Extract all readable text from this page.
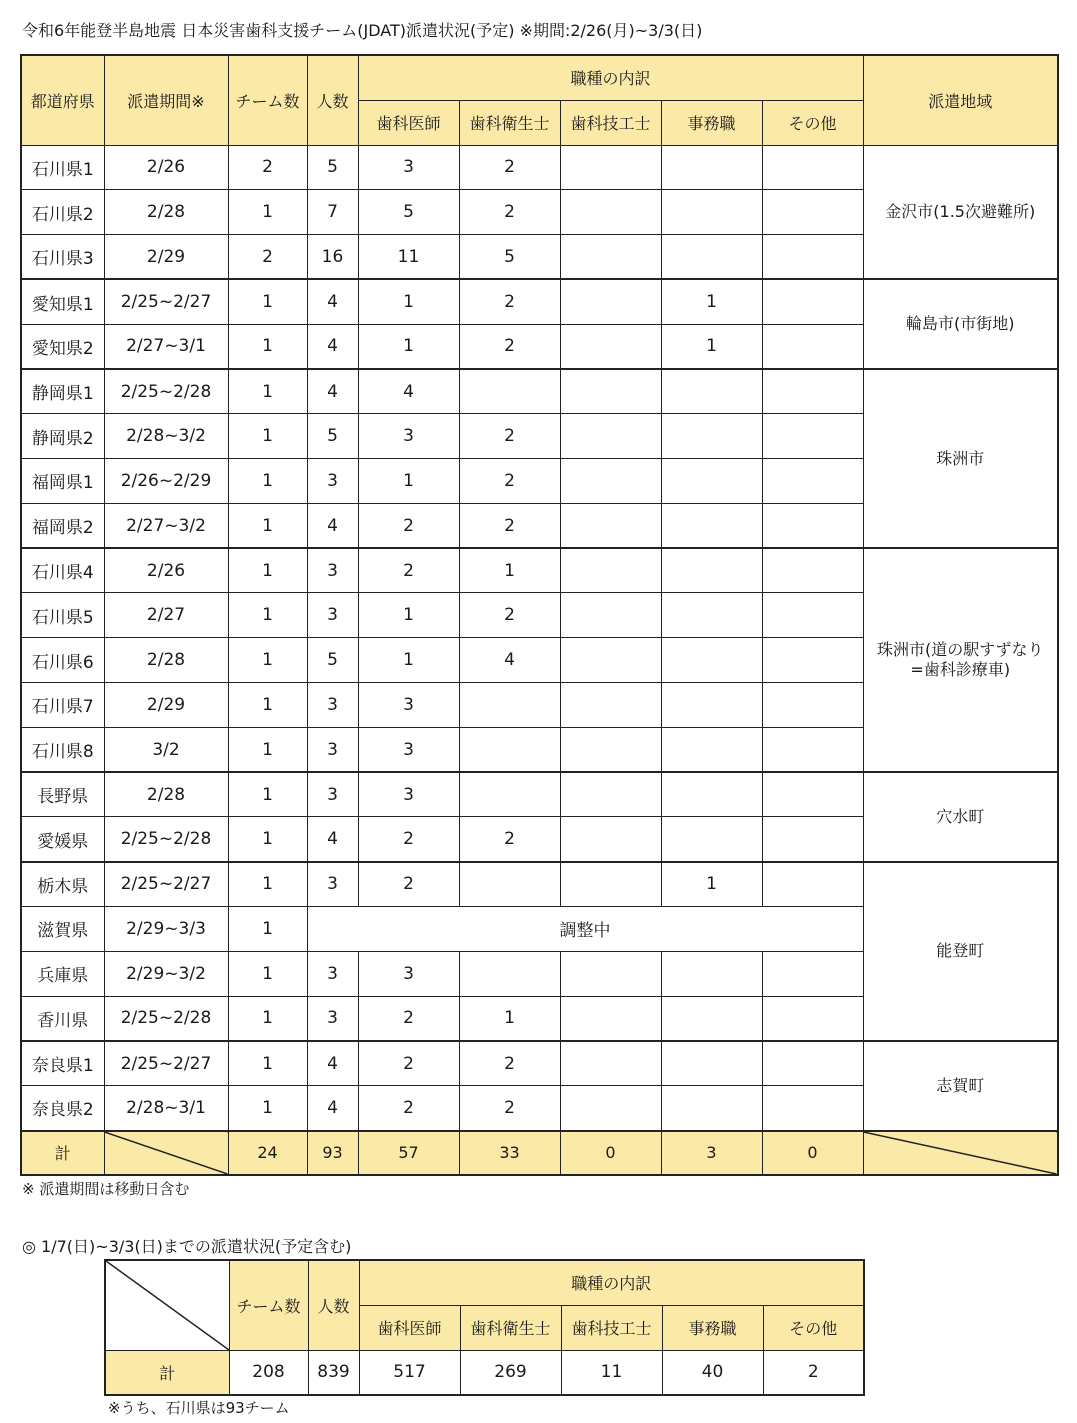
令和6年能登半島地震 日本災害歯科支援チーム(JDAT)派遣状況(予定) ※期間:2/26(月)~3/3(日)
都道府県	派遣期間※	チーム数	人数	職種の内訳					派遣地域
				歯科医師	歯科衛生士	歯科技工士	事務職	その他	
石川県1	2/26	2	5	3	2				金沢市(1.5次避難所)
石川県2	2/28	1	7	5	2				
石川県3	2/29	2	16	11	5				
愛知県1	2/25~2/27	1	4	1	2		1		輪島市(市街地)
愛知県2	2/27~3/1	1	4	1	2		1		
静岡県1	2/25~2/28	1	4	4					珠洲市
静岡県2	2/28~3/2	1	5	3	2				
福岡県1	2/26~2/29	1	3	1	2				
福岡県2	2/27~3/2	1	4	2	2				
石川県4	2/26	1	3	2	1				珠洲市(道の駅すずなり
=歯科診療車)
石川県5	2/27	1	3	1	2				
石川県6	2/28	1	5	1	4				
石川県7	2/29	1	3	3					
石川県8	3/2	1	3	3					
長野県	2/28	1	3	3					穴水町
愛媛県	2/25~2/28	1	4	2	2				
栃木県	2/25~2/27	1	3	2			1		能登町
滋賀県	2/29~3/3	1	調整中						
兵庫県	2/29~3/2	1	3	3					
香川県	2/25~2/28	1	3	2	1				
奈良県1	2/25~2/27	1	4	2	2				志賀町
奈良県2	2/28~3/1	1	4	2	2				
計		24	93	57	33	0	3	0	
※ 派遣期間は移動日含む
◎ 1/7(日)~3/3(日)までの派遣状況(予定含む)
	チーム数	人数	職種の内訳				
			歯科医師	歯科衛生士	歯科技工士	事務職	その他
計	208	839	517	269	11	40	2
※うち、石川県は93チーム
